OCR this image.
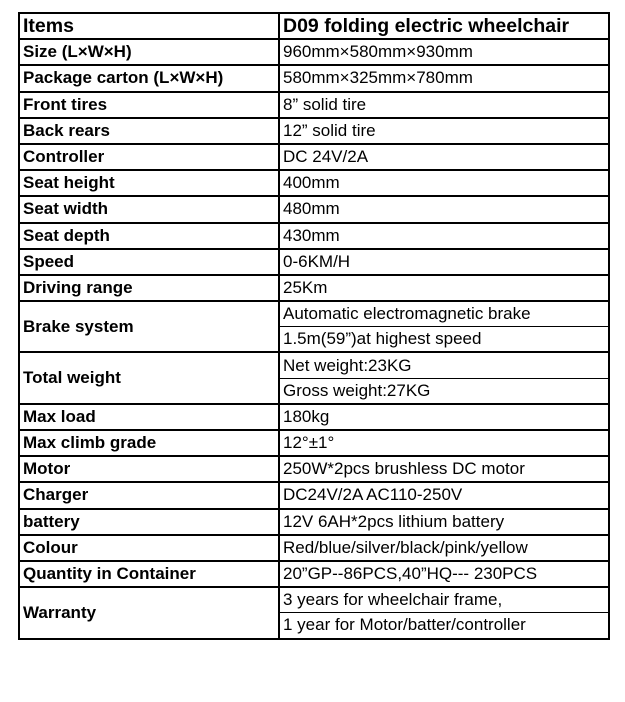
Items	D09 folding electric wheelchair
Size (L×W×H)	960mm×580mm×930mm
Package carton (L×W×H)	580mm×325mm×780mm
Front tires	8” solid tire
Back rears	12” solid tire
Controller	DC 24V/2A
Seat height	400mm
Seat width	480mm
Seat depth	430mm
Speed	0-6KM/H
Driving range	25Km
Brake system	Automatic electromagnetic brake
	1.5m(59”)at highest speed
Total weight	Net weight:23KG
	Gross weight:27KG
Max load	180kg
Max climb grade	12°±1°
Motor	250W*2pcs brushless DC motor
Charger	DC24V/2A AC110-250V
battery	12V 6AH*2pcs lithium battery
Colour	Red/blue/silver/black/pink/yellow
Quantity in Container	20”GP--86PCS,40”HQ--- 230PCS
Warranty	3 years for wheelchair frame,
	1 year for Motor/batter/controller
